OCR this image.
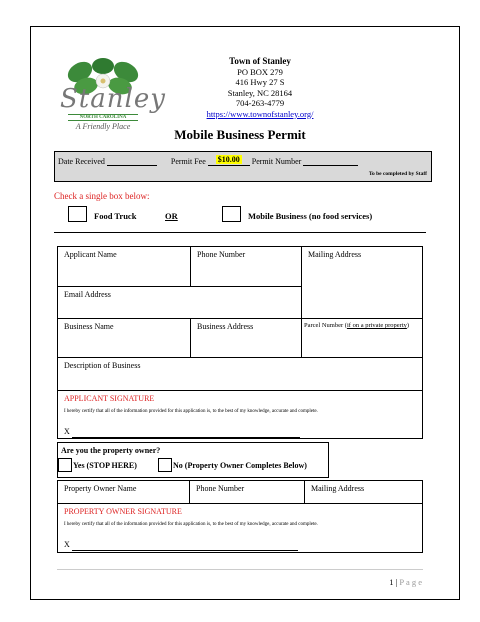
Stanley
NORTH CAROLINA
A Friendly Place
Town of Stanley
PO BOX 279
416 Hwy 27 S
Stanley, NC 28164
704-263-4779
https://www.townofstanley.org/
Mobile Business Permit
Date Received	Permit Fee $10.00 Permit Number
To be completed by Staff
Check a single box below:
Food Truck	OR	Mobile Business (no food services)
Applicant Name	Phone Number	Mailing Address
Email Address
Business Name	Business Address	Parcel Number (if on a private property)
Description of Business
APPLICANT SIGNATURE
I hereby certify that all of the information provided for this application is, to the best of my knowledge, accurate and complete.
X
Are you the property owner?
Yes (STOP HERE)	No (Property Owner Completes Below)
Property Owner Name	Phone Number	Mailing Address
PROPERTY OWNER SIGNATURE
I hereby certify that all of the information provided for this application is, to the best of my knowledge, accurate and complete.
X
1 | P a g e
